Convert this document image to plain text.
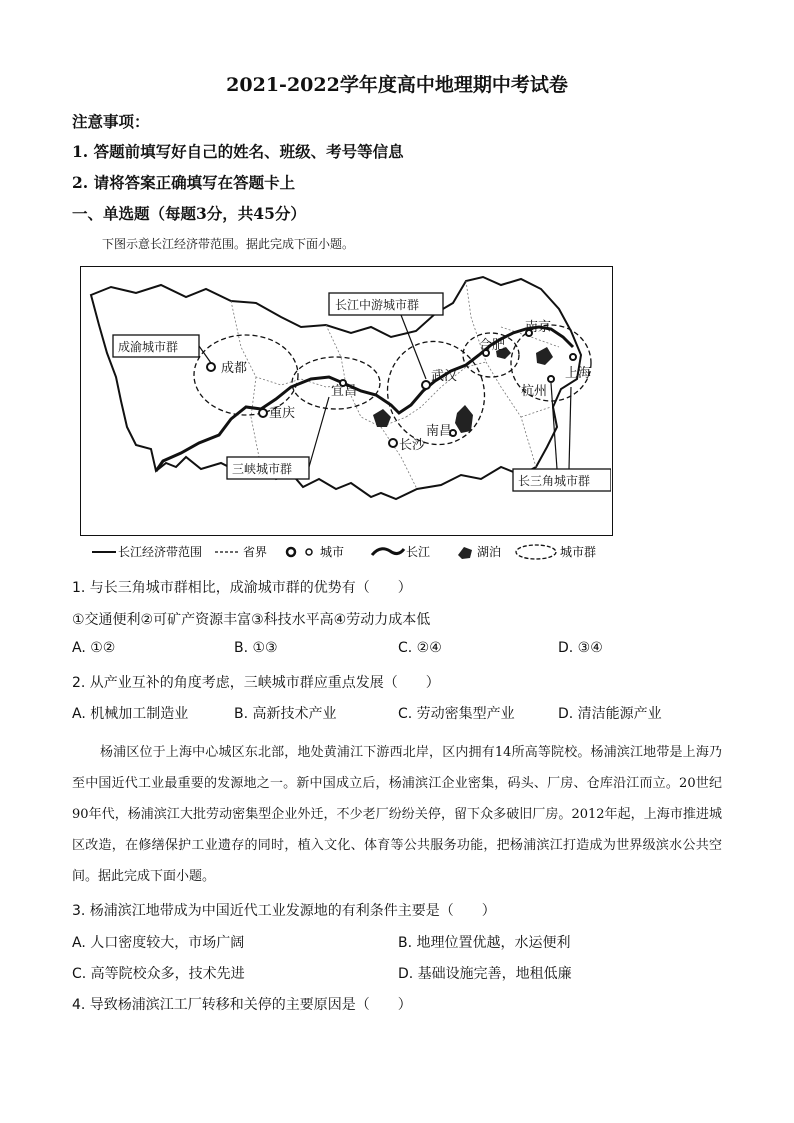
2021-2022学年度高中地理期中考试卷
注意事项：
1. 答题前填写好自己的姓名、班级、考号等信息
2. 请将答案正确填写在答题卡上
一、单选题（每题3分，共45分）
下图示意长江经济带范围。据此完成下面小题。
成都
重庆
宜昌
武汉
长沙
南昌
合肥
南京
上海
杭州
成渝城市群
长江中游城市群
三峡城市群
长三角城市群
长江经济带范围	省界	城市	长江	湖泊	城市群
1. 与长三角城市群相比，成渝城市群的优势有（　　）
①交通便利②可矿产资源丰富③科技水平高④劳动力成本低
A. ①②	B. ①③	C. ②④	D. ③④
2. 从产业互补的角度考虑，三峡城市群应重点发展（　　）
A. 机械加工制造业	B. 高新技术产业	C. 劳动密集型产业	D. 清洁能源产业
杨浦区位于上海中心城区东北部，地处黄浦江下游西北岸，区内拥有14所高等院校。杨浦滨江地带是上海乃至中国近代工业最重要的发源地之一。新中国成立后，杨浦滨江企业密集，码头、厂房、仓库沿江而立。20世纪90年代，杨浦滨江大批劳动密集型企业外迁，不少老厂纷纷关停，留下众多破旧厂房。2012年起，上海市推进城区改造，在修缮保护工业遗存的同时，植入文化、体育等公共服务功能，把杨浦滨江打造成为世界级滨水公共空间。据此完成下面小题。
3. 杨浦滨江地带成为中国近代工业发源地的有利条件主要是（　　）
A. 人口密度较大，市场广阔	B. 地理位置优越，水运便利
C. 高等院校众多，技术先进	D. 基础设施完善，地租低廉
4. 导致杨浦滨江工厂转移和关停的主要原因是（　　）
